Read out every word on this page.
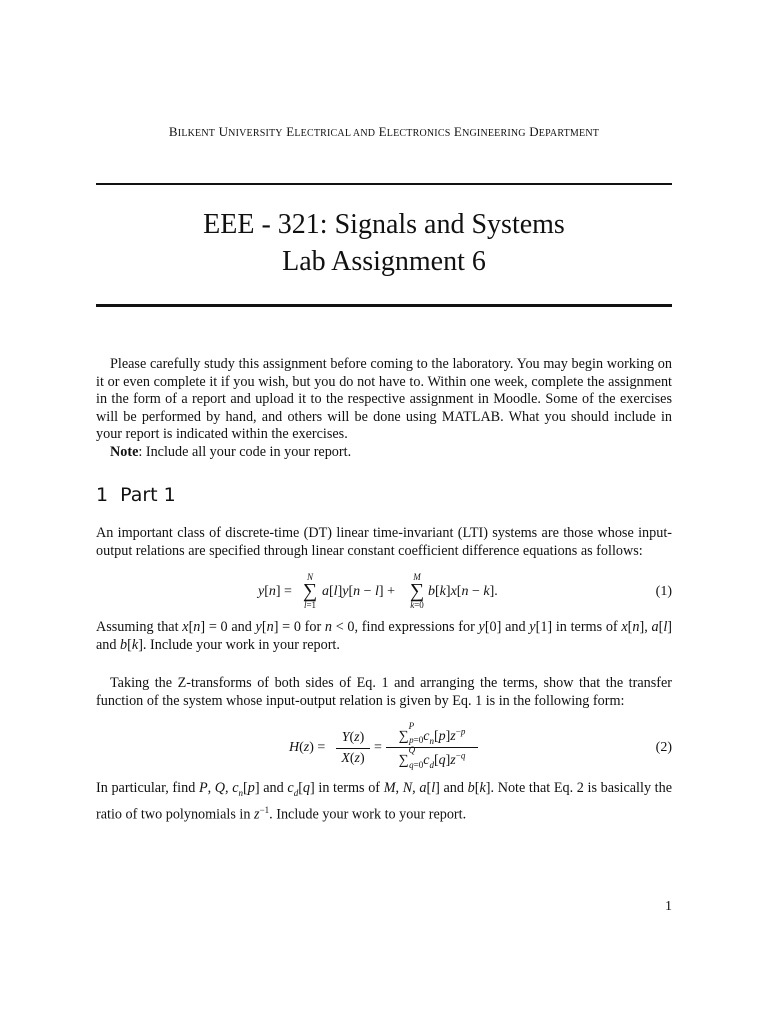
BILKENT UNIVERSITY ELECTRICAL AND ELECTRONICS ENGINEERING DEPARTMENT
EEE - 321: Signals and Systems
Lab Assignment 6
Please carefully study this assignment before coming to the laboratory. You may begin working on it or even complete it if you wish, but you do not have to. Within one week, complete the assignment in the form of a report and upload it to the respective assignment in Moodle. Some of the exercises will be performed by hand, and others will be done using MATLAB. What you should include in your report is indicated within the exercises.
Note: Include all your code in your report.
1 Part 1
An important class of discrete-time (DT) linear time-invariant (LTI) systems are those whose input-output relations are specified through linear constant coefficient difference equations as follows:
y[n] =
N
∑
l=1
a[l]y[n − l] +
M
∑
k=0
b[k]x[n − k].	(1)
Assuming that x[n] = 0 and y[n] = 0 for n < 0, find expressions for y[0] and y[1] in terms of x[n], a[l] and b[k]. Include your work in your report.
Taking the Z-transforms of both sides of Eq. 1 and arranging the terms, show that the transfer function of the system whose input-output relation is given by Eq. 1 is in the following form:
H(z) =
Y(z)
X(z)
=
$\sum^P_{p=0}c_n[p]z^{-p}$
$\sum^Q_{q=0}c_d[q]z^{-q}$
(2)
In particular, find P, Q, $c_n[p]$ and $c_d[q]$ in terms of M, N, a[l] and b[k]. Note that Eq. 2 is basically the ratio of two polynomials in $z^{-1}$. Include your work to your report.
1
